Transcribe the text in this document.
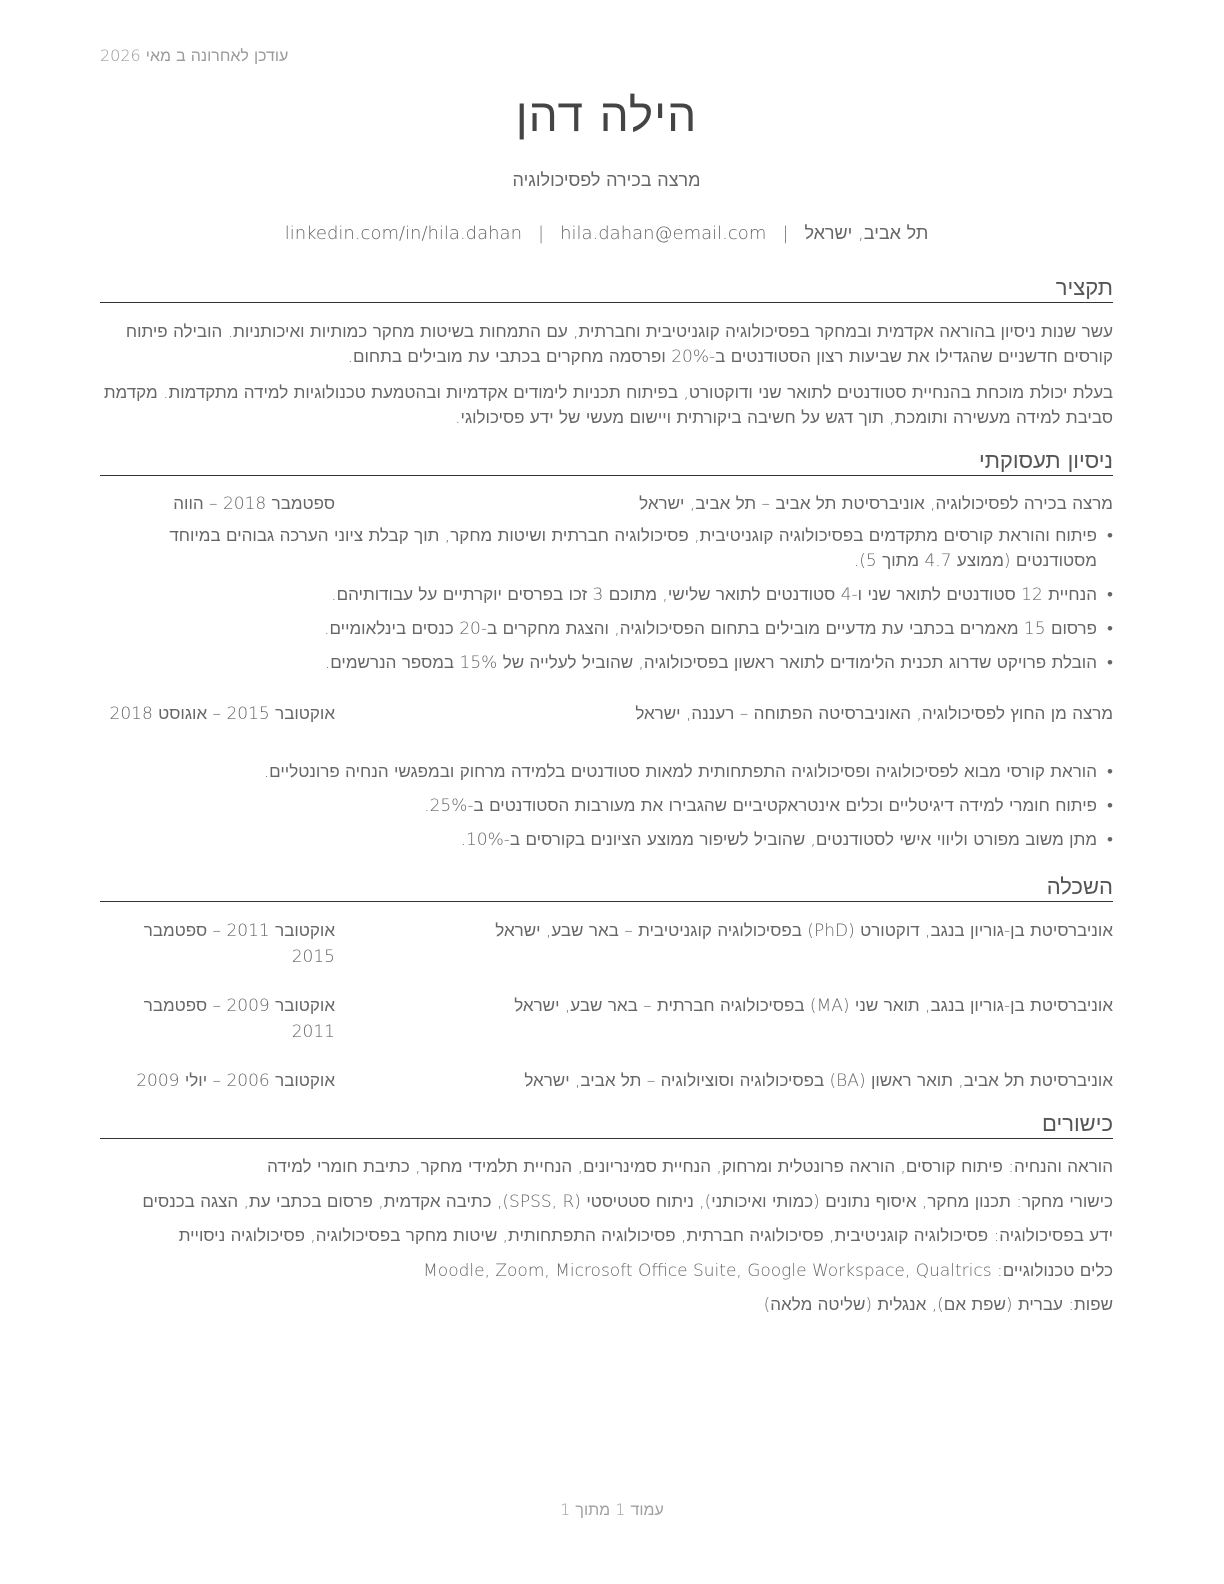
עודכן לאחרונה ב מאי 2026
הילה דהן
מרצה בכירה לפסיכולוגיה
תל אביב, ישראל|hila.dahan@email.com|linkedin.com/in/hila.dahan
תקציר
עשר שנות ניסיון בהוראה אקדמית ובמחקר בפסיכולוגיה קוגניטיבית וחברתית, עם התמחות בשיטות מחקר כמותיות ואיכותניות. הובילה פיתוח קורסים חדשניים שהגדילו את שביעות רצון הסטודנטים ב-20% ופרסמה מחקרים בכתבי עת מובילים בתחום.
בעלת יכולת מוכחת בהנחיית סטודנטים לתואר שני ודוקטורט, בפיתוח תכניות לימודים אקדמיות ובהטמעת טכנולוגיות למידה מתקדמות. מקדמת סביבת למידה מעשירה ותומכת, תוך דגש על חשיבה ביקורתית ויישום מעשי של ידע פסיכולוגי.
ניסיון תעסוקתי
מרצה בכירה לפסיכולוגיה, אוניברסיטת תל אביב – תל אביב, ישראל
ספטמבר 2018 – הווה
• פיתוח והוראת קורסים מתקדמים בפסיכולוגיה קוגניטיבית, פסיכולוגיה חברתית ושיטות מחקר, תוך קבלת ציוני הערכה גבוהים במיוחד מסטודנטים (ממוצע 4.7 מתוך 5).
• הנחיית 12 סטודנטים לתואר שני ו-4 סטודנטים לתואר שלישי, מתוכם 3 זכו בפרסים יוקרתיים על עבודותיהם.
• פרסום 15 מאמרים בכתבי עת מדעיים מובילים בתחום הפסיכולוגיה, והצגת מחקרים ב-20 כנסים בינלאומיים.
• הובלת פרויקט שדרוג תכנית הלימודים לתואר ראשון בפסיכולוגיה, שהוביל לעלייה של 15% במספר הנרשמים.
מרצה מן החוץ לפסיכולוגיה, האוניברסיטה הפתוחה – רעננה, ישראל
אוקטובר 2015 – אוגוסט 2018
• הוראת קורסי מבוא לפסיכולוגיה ופסיכולוגיה התפתחותית למאות סטודנטים בלמידה מרחוק ובמפגשי הנחיה פרונטליים.
• פיתוח חומרי למידה דיגיטליים וכלים אינטראקטיביים שהגבירו את מעורבות הסטודנטים ב-25%.
• מתן משוב מפורט וליווי אישי לסטודנטים, שהוביל לשיפור ממוצע הציונים בקורסים ב-10%.
השכלה
אוניברסיטת בן-גוריון בנגב, דוקטורט (PhD) בפסיכולוגיה קוגניטיבית – באר שבע, ישראל
אוקטובר 2011 – ספטמבר 2015
אוניברסיטת בן-גוריון בנגב, תואר שני (MA) בפסיכולוגיה חברתית – באר שבע, ישראל
אוקטובר 2009 – ספטמבר 2011
אוניברסיטת תל אביב, תואר ראשון (BA) בפסיכולוגיה וסוציולוגיה – תל אביב, ישראל
אוקטובר 2006 – יולי 2009
כישורים
הוראה והנחיה: פיתוח קורסים, הוראה פרונטלית ומרחוק, הנחיית סמינריונים, הנחיית תלמידי מחקר, כתיבת חומרי למידה
כישורי מחקר: תכנון מחקר, איסוף נתונים (כמותי ואיכותני), ניתוח סטטיסטי (SPSS, R), כתיבה אקדמית, פרסום בכתבי עת, הצגה בכנסים
ידע בפסיכולוגיה: פסיכולוגיה קוגניטיבית, פסיכולוגיה חברתית, פסיכולוגיה התפתחותית, שיטות מחקר בפסיכולוגיה, פסיכולוגיה ניסויית
כלים טכנולוגיים: Moodle, Zoom, Microsoft Office Suite, Google Workspace, Qualtrics
שפות: עברית (שפת אם), אנגלית (שליטה מלאה)
עמוד 1 מתוך 1
